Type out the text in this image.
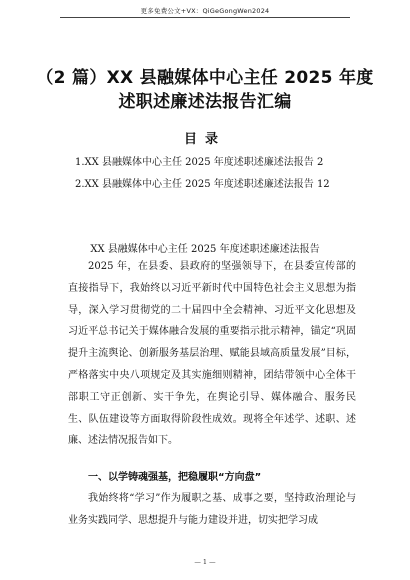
更多免费公文+VX：QiGeGongWen2024
（2 篇）XX 县融媒体中心主任 2025 年度
述职述廉述法报告汇编
目录
1.XX 县融媒体中心主任 2025 年度述职述廉述法报告 2
2.XX 县融媒体中心主任 2025 年度述职述廉述法报告 12
XX 县融媒体中心主任 2025 年度述职述廉述法报告
2025 年，在县委、县政府的坚强领导下，在县委宣传部的直接指导下，我始终以习近平新时代中国特色社会主义思想为指导，深入学习贯彻党的二十届四中全会精神、习近平文化思想及习近平总书记关于媒体融合发展的重要指示批示精神，锚定“巩固提升主流舆论、创新服务基层治理、赋能县域高质量发展”目标，严格落实中央八项规定及其实施细则精神，团结带领中心全体干部职工守正创新、实干争先，在舆论引导、媒体融合、服务民生、队伍建设等方面取得阶段性成效。现将全年述学、述职、述廉、述法情况报告如下。
一、以学铸魂强基，把稳履职“方向盘”
我始终将“学习”作为履职之基、成事之要，坚持政治理论与业务实践同学、思想提升与能力建设并进，切实把学习成
— 1 —
